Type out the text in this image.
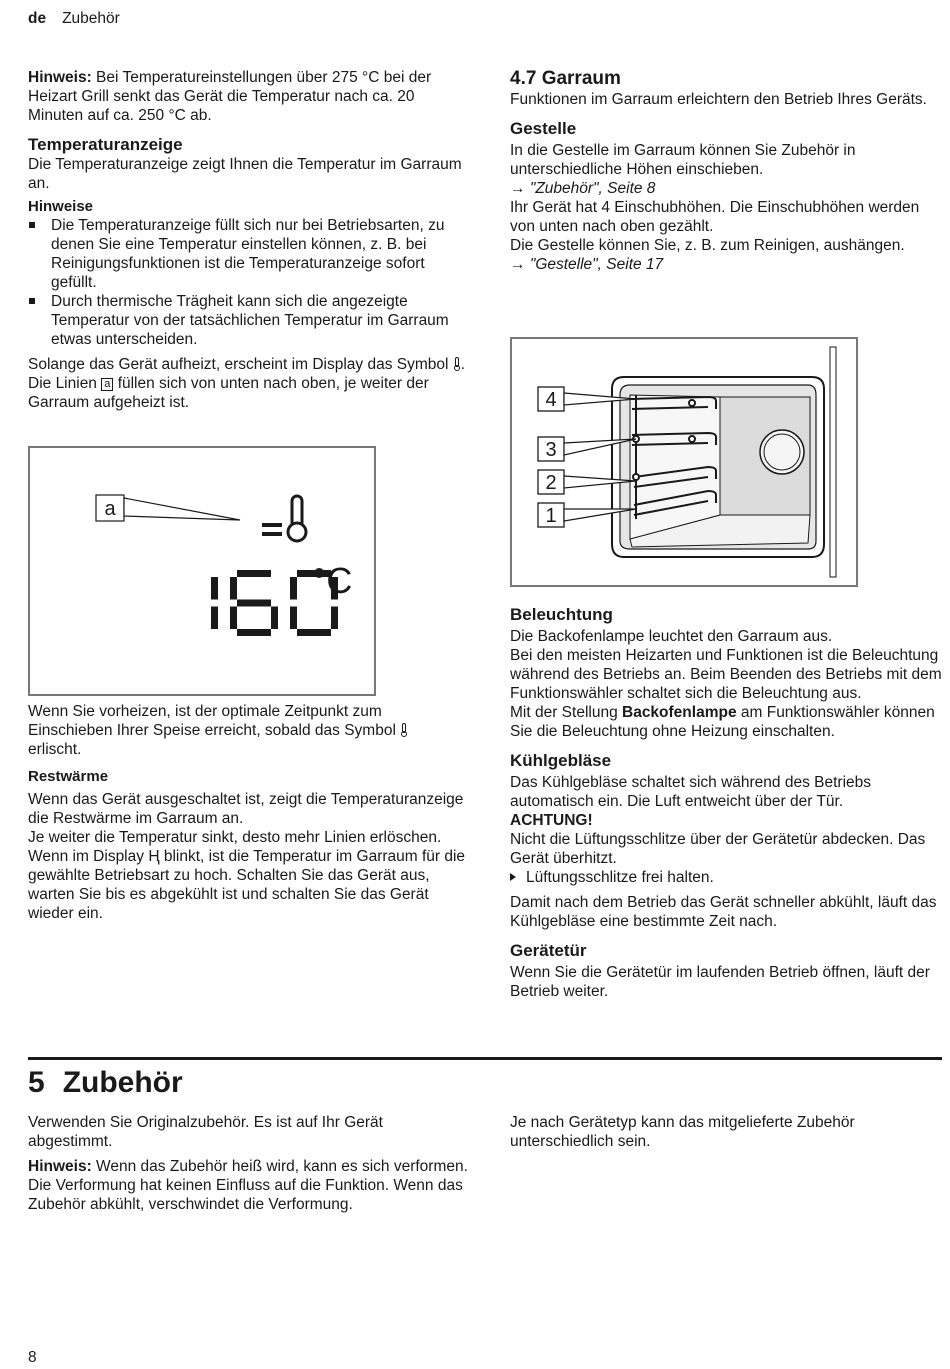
de Zubehör

Hinweis: Bei Temperatureinstellungen über 275 °C bei der Heizart Grill senkt das Gerät die Temperatur nach ca. 20 Minuten auf ca. 250 °C ab.

Temperaturanzeige

Die Temperaturanzeige zeigt Ihnen die Temperatur im Garraum an.

Hinweise

Die Temperaturanzeige füllt sich nur bei Betriebsarten, zu denen Sie eine Temperatur einstellen können, z. B. bei Reinigungsfunktionen ist die Temperaturanzeige sofort gefüllt.
Durch thermische Trägheit kann sich die angezeigte Temperatur von der tatsächlichen Temperatur im Garraum etwas unterscheiden.

Solange das Gerät aufheizt, erscheint im Display das Symbol .
Die Linien a füllen sich von unten nach oben, je weiter der Garraum aufgeheizt ist.

a
°C

Wenn Sie vorheizen, ist der optimale Zeitpunkt zum Einschieben Ihrer Speise erreicht, sobald das Symbol
erlischt.

Restwärme

Wenn das Gerät ausgeschaltet ist, zeigt die Temperaturanzeige die Restwärme im Garraum an.

Je weiter die Temperatur sinkt, desto mehr Linien erlöschen.

Wenn im Display Ⱨ blinkt, ist die Temperatur im Garraum für die gewählte Betriebsart zu hoch. Schalten Sie das Gerät aus, warten Sie bis es abgekühlt ist und schalten Sie das Gerät wieder ein.

4.7 Garraum

Funktionen im Garraum erleichtern den Betrieb Ihres Geräts.

Gestelle

In die Gestelle im Garraum können Sie Zubehör in unterschiedliche Höhen einschieben.

→ "Zubehör", Seite 8

Ihr Gerät hat 4 Einschubhöhen. Die Einschubhöhen werden von unten nach oben gezählt.

Die Gestelle können Sie, z. B. zum Reinigen, aushängen.

→ "Gestelle", Seite 17

4
3
2
1

Beleuchtung

Die Backofenlampe leuchtet den Garraum aus.

Bei den meisten Heizarten und Funktionen ist die Beleuchtung während des Betriebs an. Beim Beenden des Betriebs mit dem Funktionswähler schaltet sich die Beleuchtung aus.

Mit der Stellung Backofenlampe am Funktionswähler können Sie die Beleuchtung ohne Heizung einschalten.

Kühlgebläse

Das Kühlgebläse schaltet sich während des Betriebs automatisch ein. Die Luft entweicht über der Tür.

ACHTUNG!

Nicht die Lüftungsschlitze über der Gerätetür abdecken. Das Gerät überhitzt.

Lüftungsschlitze frei halten.

Damit nach dem Betrieb das Gerät schneller abkühlt, läuft das Kühlgebläse eine bestimmte Zeit nach.

Gerätetür

Wenn Sie die Gerätetür im laufenden Betrieb öffnen, läuft der Betrieb weiter.

5 Zubehör

Verwenden Sie Originalzubehör. Es ist auf Ihr Gerät abgestimmt.

Hinweis: Wenn das Zubehör heiß wird, kann es sich verformen. Die Verformung hat keinen Einfluss auf die Funktion. Wenn das Zubehör abkühlt, verschwindet die Verformung.

Je nach Gerätetyp kann das mitgelieferte Zubehör unterschiedlich sein.

8
